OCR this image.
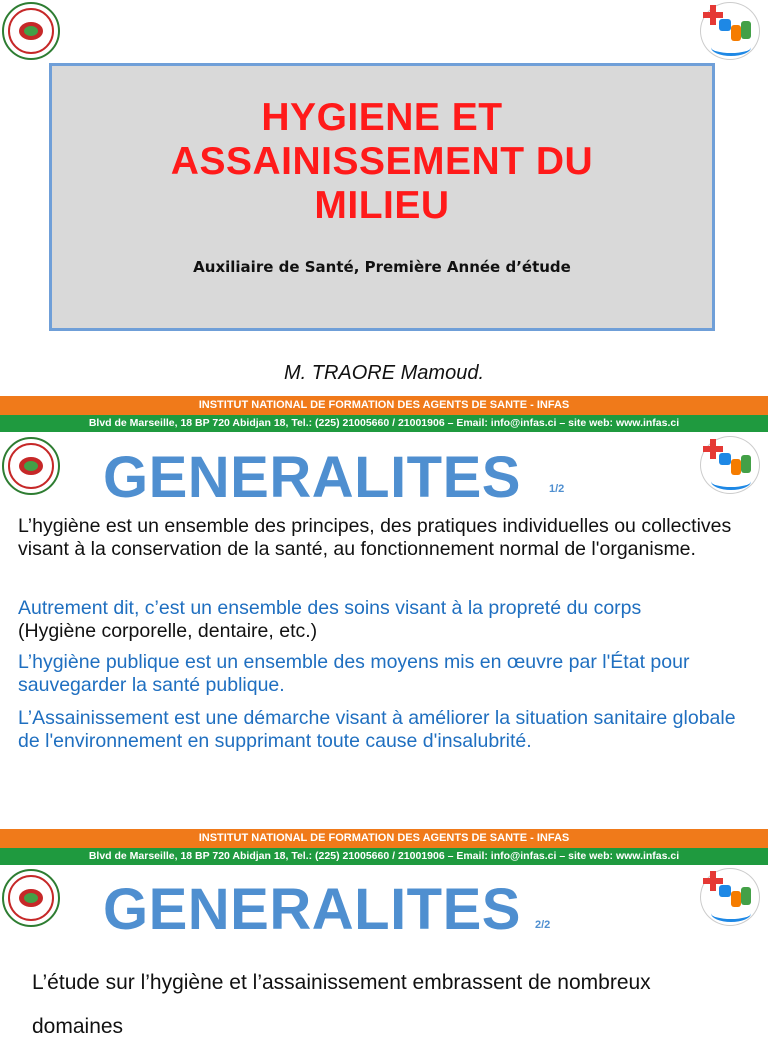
HYGIENE ET
ASSAINISSEMENT DU
MILIEU
Auxiliaire de Santé, Première Année d’étude
M. TRAORE Mamoud.
INSTITUT NATIONAL DE FORMATION DES AGENTS DE SANTE - INFAS
Blvd de Marseille, 18 BP 720 Abidjan 18, Tel.: (225) 21005660 / 21001906 – Email: info@infas.ci – site web: www.infas.ci
GENERALITES	1/2
L’hygiène est un ensemble des principes, des pratiques individuelles ou collectives visant à la conservation de la santé, au fonctionnement normal de l'organisme.
Autrement dit, c’est un ensemble des soins visant à la propreté du corps
(Hygiène corporelle, dentaire, etc.)
L’hygiène publique est un ensemble des moyens mis en œuvre par l'État pour sauvegarder la santé publique.
L’Assainissement est une démarche visant à améliorer la situation sanitaire globale de l'environnement en supprimant toute cause d'insalubrité.
INSTITUT NATIONAL DE FORMATION DES AGENTS DE SANTE - INFAS
Blvd de Marseille, 18 BP 720 Abidjan 18, Tel.: (225) 21005660 / 21001906 – Email: info@infas.ci – site web: www.infas.ci
GENERALITES 2/2
L’étude sur l’hygiène et l’assainissement embrassent de nombreux domaines
